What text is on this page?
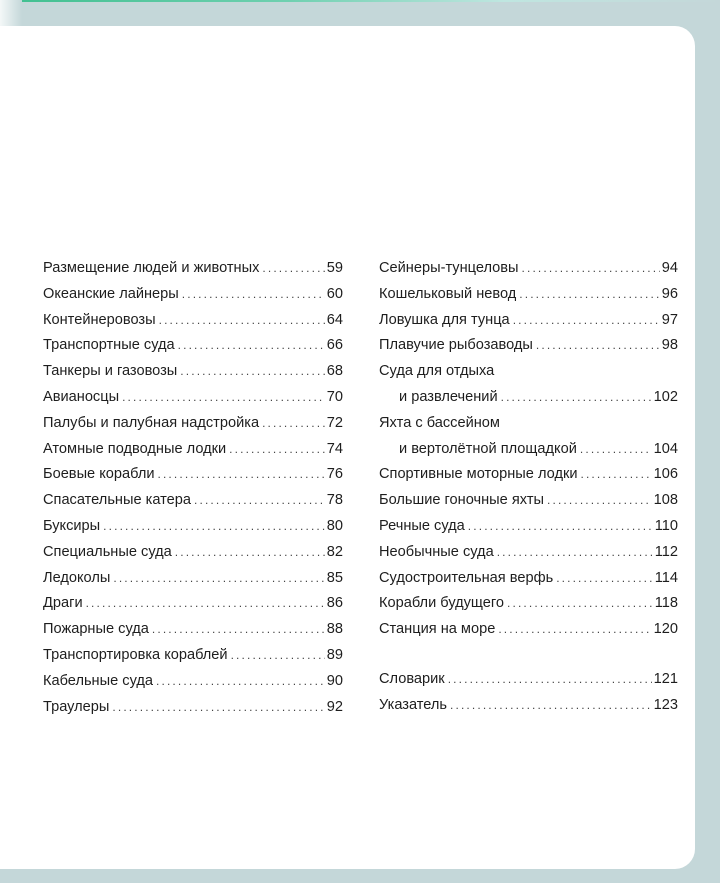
Размещение людей и животных . . .	59
Океанские лайнеры . . .	60
Контейнеровозы . . .	64
Транспортные суда . . .	66
Танкеры и газовозы . . .	68
Авианосцы . . .	70
Палубы и палубная надстройка . . .	72
Атомные подводные лодки . . .	74
Боевые корабли . . .	76
Спасательные катера . . .	78
Буксиры . . .	80
Специальные суда . . .	82
Ледоколы . . .	85
Драги . . .	86
Пожарные суда . . .	88
Транспортировка кораблей . . .	89
Кабельные суда . . .	90
Траулеры . . .	92
Сейнеры-тунцеловы . . .	94
Кошельковый невод . . .	96
Ловушка для тунца . . .	97
Плавучие рыбозаводы . . .	98
Суда для отдыха
и развлечений . . .	102
Яхта с бассейном
и вертолётной площадкой . . .	104
Спортивные моторные лодки . . .	106
Большие гоночные яхты . . .	108
Речные суда . . .	110
Необычные суда . . .	112
Судостроительная верфь . . .	114
Корабли будущего . . .	118
Станция на море . . .	120
Словарик . . .	121
Указатель . . .	123
